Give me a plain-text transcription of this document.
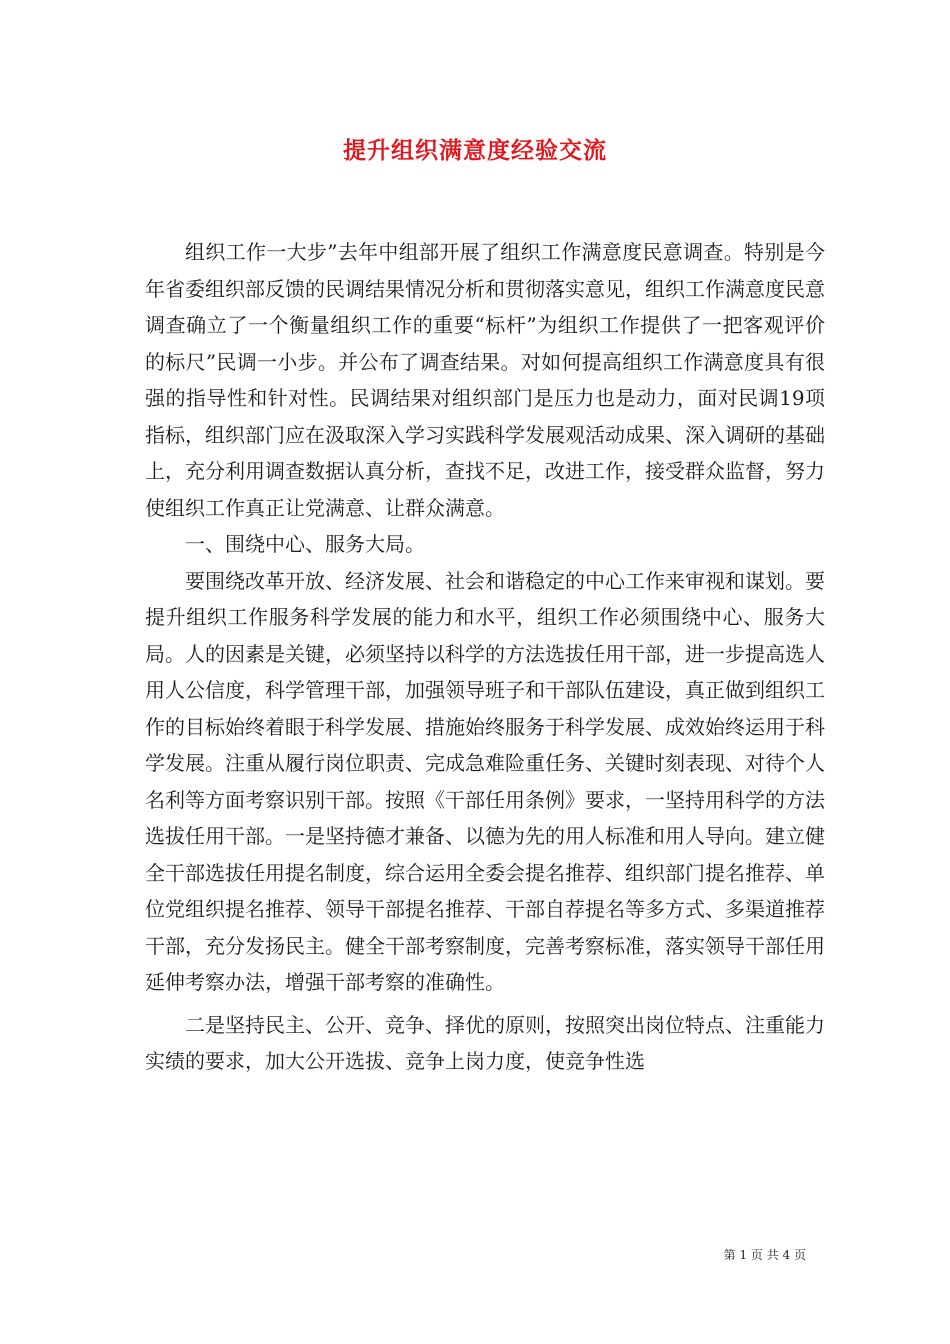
提升组织满意度经验交流

组织工作一大步”去年中组部开展了组织工作满意度民意调查。特别是今年省委组织部反馈的民调结果情况分析和贯彻落实意见，组织工作满意度民意调查确立了一个衡量组织工作的重要“标杆”为组织工作提供了一把客观评价的标尺”民调一小步。并公布了调查结果。对如何提高组织工作满意度具有很强的指导性和针对性。民调结果对组织部门是压力也是动力，面对民调19项指标，组织部门应在汲取深入学习实践科学发展观活动成果、深入调研的基础上，充分利用调查数据认真分析，查找不足，改进工作，接受群众监督，努力使组织工作真正让党满意、让群众满意。

一、围绕中心、服务大局。

要围绕改革开放、经济发展、社会和谐稳定的中心工作来审视和谋划。要提升组织工作服务科学发展的能力和水平，组织工作必须围绕中心、服务大局。人的因素是关键，必须坚持以科学的方法选拔任用干部，进一步提高选人用人公信度，科学管理干部，加强领导班子和干部队伍建设，真正做到组织工作的目标始终着眼于科学发展、措施始终服务于科学发展、成效始终运用于科学发展。注重从履行岗位职责、完成急难险重任务、关键时刻表现、对待个人名利等方面考察识别干部。按照《干部任用条例》要求，一坚持用科学的方法选拔任用干部。一是坚持德才兼备、以德为先的用人标准和用人导向。建立健全干部选拔任用提名制度，综合运用全委会提名推荐、组织部门提名推荐、单位党组织提名推荐、领导干部提名推荐、干部自荐提名等多方式、多渠道推荐干部，充分发扬民主。健全干部考察制度，完善考察标准，落实领导干部任用延伸考察办法，增强干部考察的准确性。

二是坚持民主、公开、竞争、择优的原则，按照突出岗位特点、注重能力实绩的要求，加大公开选拔、竞争上岗力度，使竞争性选

第 1 页 共 4 页
